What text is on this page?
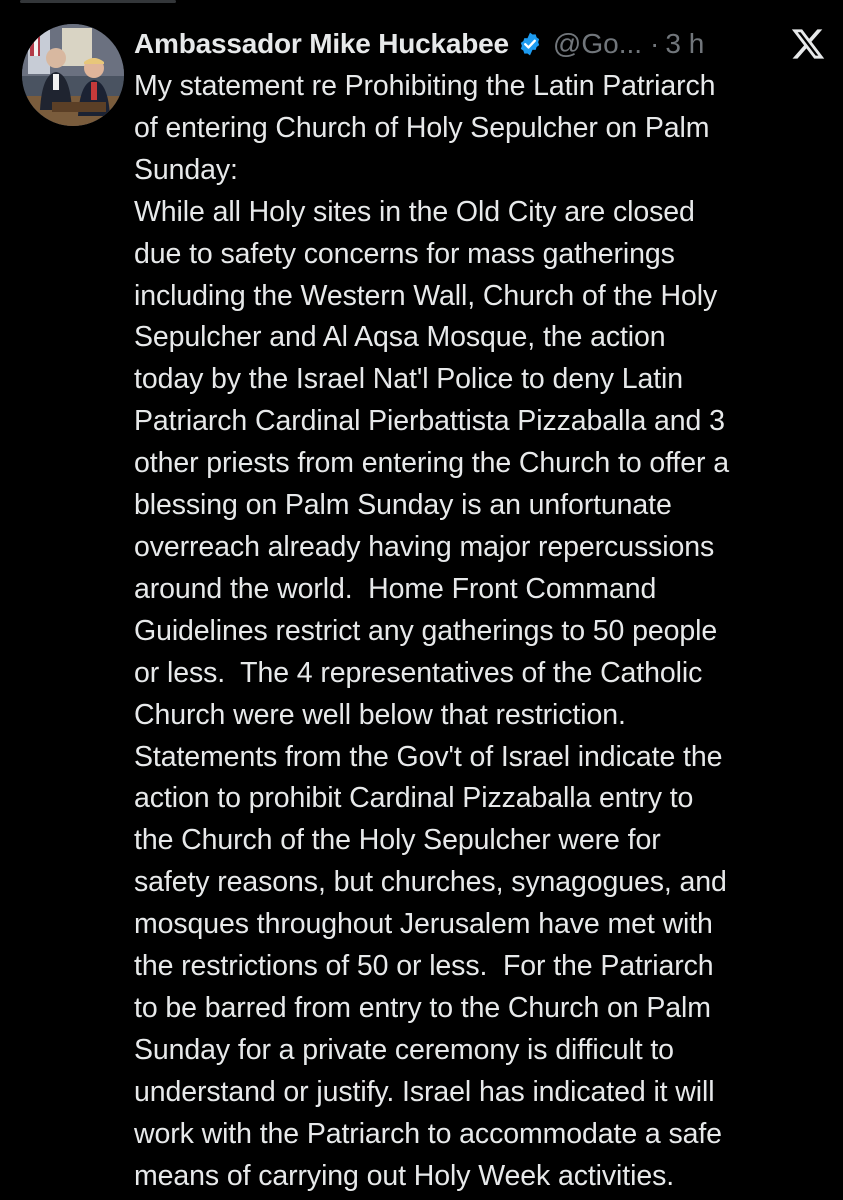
Ambassador Mike Huckabee @Go... · 3 h
My statement re Prohibiting the Latin Patriarch
of entering Church of Holy Sepulcher on Palm
Sunday:
While all Holy sites in the Old City are closed
due to safety concerns for mass gatherings
including the Western Wall, Church of the Holy
Sepulcher and Al Aqsa Mosque, the action
today by the Israel Nat'l Police to deny Latin
Patriarch Cardinal Pierbattista Pizzaballa and 3
other priests from entering the Church to offer a
blessing on Palm Sunday is an unfortunate
overreach already having major repercussions
around the world.  Home Front Command
Guidelines restrict any gatherings to 50 people
or less.  The 4 representatives of the Catholic
Church were well below that restriction.
Statements from the Gov't of Israel indicate the
action to prohibit Cardinal Pizzaballa entry to
the Church of the Holy Sepulcher were for
safety reasons, but churches, synagogues, and
mosques throughout Jerusalem have met with
the restrictions of 50 or less.  For the Patriarch
to be barred from entry to the Church on Palm
Sunday for a private ceremony is difficult to
understand or justify. Israel has indicated it will
work with the Patriarch to accommodate a safe
means of carrying out Holy Week activities.
